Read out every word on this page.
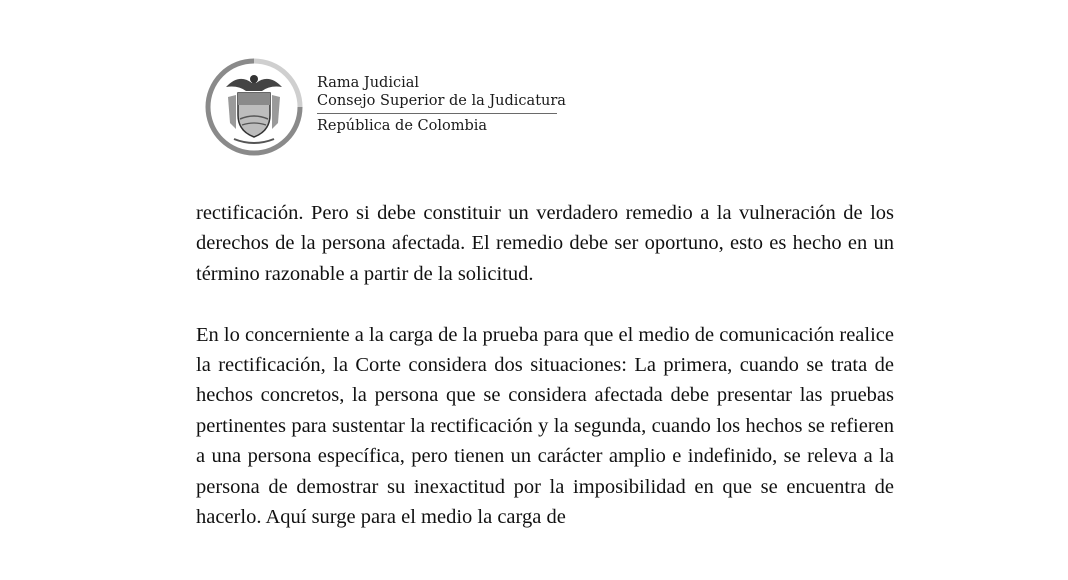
Rama Judicial
Consejo Superior de la Judicatura
República de Colombia

rectificación. Pero si debe constituir un verdadero remedio a la vulneración de los derechos de la persona afectada. El remedio debe ser oportuno, esto es hecho en un término razonable a partir de la solicitud.

En lo concerniente a la carga de la prueba para que el medio de comunicación realice la rectificación, la Corte considera dos situaciones: La primera, cuando se trata de hechos concretos, la persona que se considera afectada debe presentar las pruebas pertinentes para sustentar la rectificación y la segunda, cuando los hechos se refieren a una persona específica, pero tienen un carácter amplio e indefinido, se releva a la persona de demostrar su inexactitud por la imposibilidad en que se encuentra de hacerlo. Aquí surge para el medio la carga de
